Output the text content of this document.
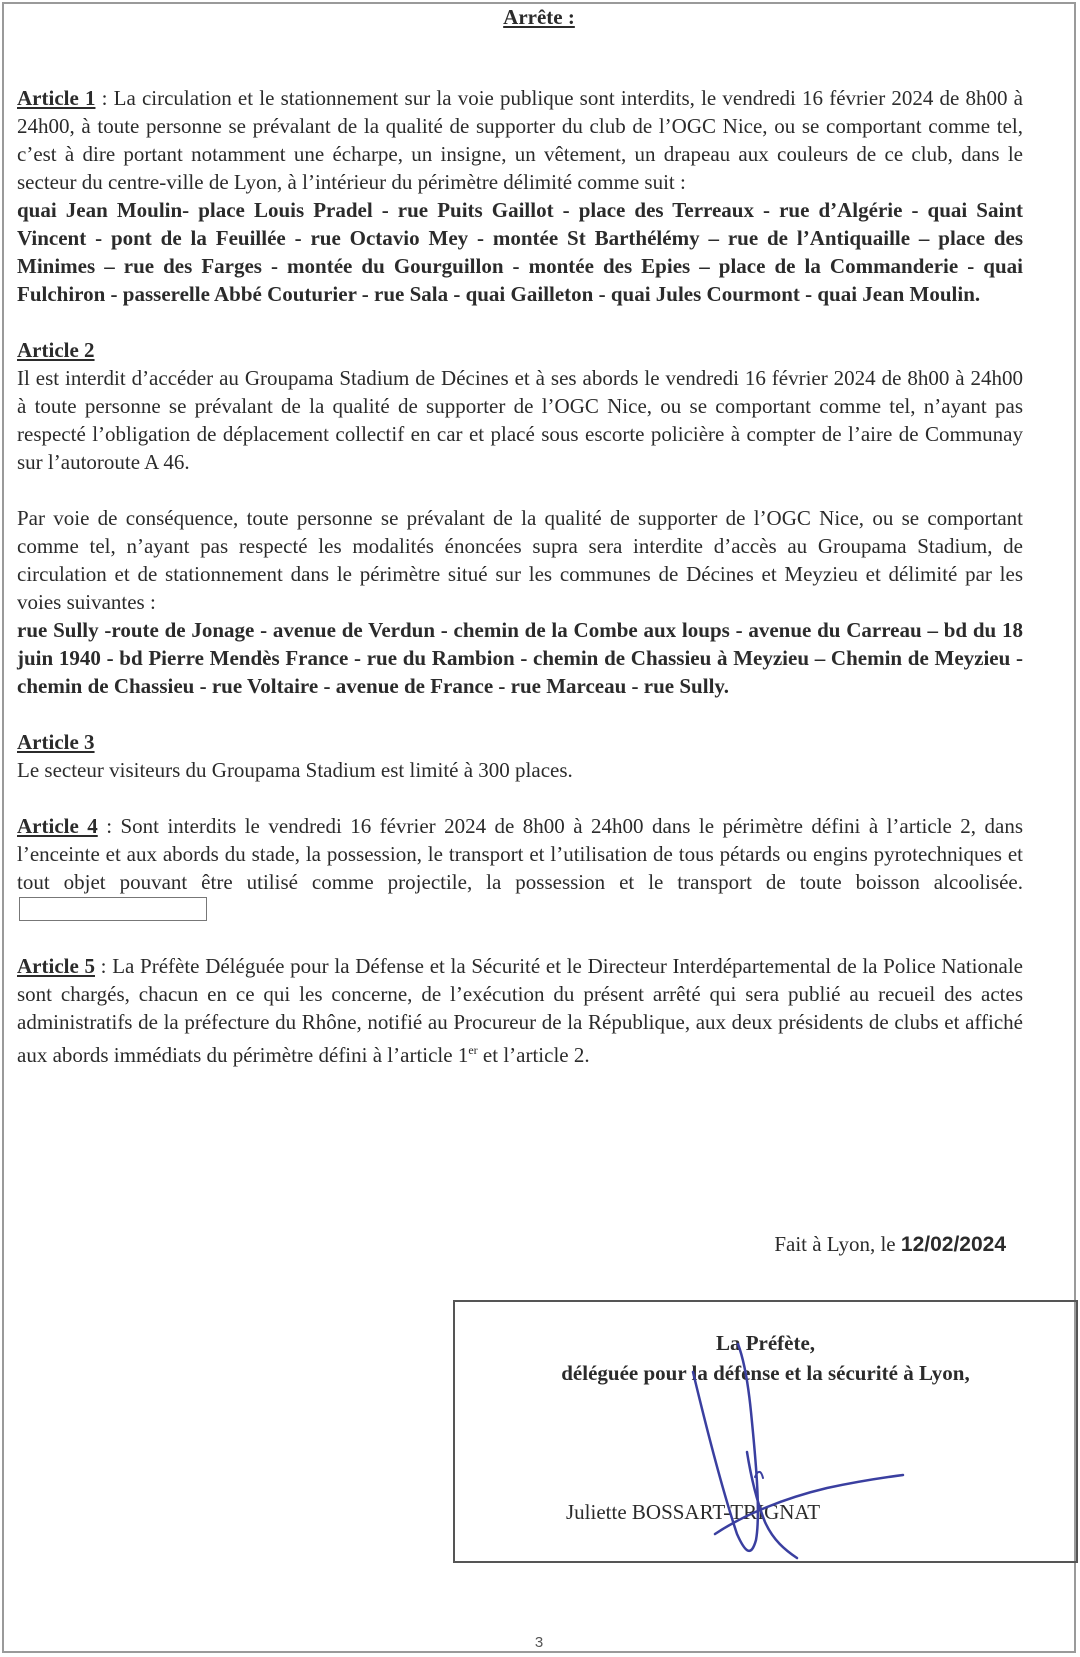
Arrête :

Article 1 : La circulation et le stationnement sur la voie publique sont interdits, le vendredi 16 février 2024 de 8h00 à 24h00, à toute personne se prévalant de la qualité de supporter du club de l’OGC Nice, ou se comportant comme tel, c’est à dire portant notamment une écharpe, un insigne, un vêtement, un drapeau aux couleurs de ce club, dans le secteur du centre-ville de Lyon, à l’intérieur du périmètre délimité comme suit :

quai Jean Moulin- place Louis Pradel - rue Puits Gaillot - place des Terreaux - rue d’Algérie - quai Saint Vincent - pont de la Feuillée - rue Octavio Mey - montée St Barthélémy – rue de l’Antiquaille – place des Minimes – rue des Farges - montée du Gourguillon - montée des Epies – place de la Commanderie - quai Fulchiron - passerelle Abbé Couturier - rue Sala - quai Gailleton - quai Jules Courmont - quai Jean Moulin.

Article 2

Il est interdit d’accéder au Groupama Stadium de Décines et à ses abords le vendredi 16 février 2024 de 8h00 à 24h00 à toute personne se prévalant de la qualité de supporter de l’OGC Nice, ou se comportant comme tel, n’ayant pas respecté l’obligation de déplacement collectif en car et placé sous escorte policière à compter de l’aire de Communay sur l’autoroute A 46.

Par voie de conséquence, toute personne se prévalant de la qualité de supporter de l’OGC Nice, ou se comportant comme tel, n’ayant pas respecté les modalités énoncées supra sera interdite d’accès au Groupama Stadium, de circulation et de stationnement dans le périmètre situé sur les communes de Décines et Meyzieu et délimité par les voies suivantes :

rue Sully -route de Jonage - avenue de Verdun - chemin de la Combe aux loups - avenue du Carreau – bd du 18 juin 1940 - bd Pierre Mendès France - rue du Rambion - chemin de Chassieu à Meyzieu – Chemin de Meyzieu - chemin de Chassieu - rue Voltaire - avenue de France - rue Marceau - rue Sully.

Article 3

Le secteur visiteurs du Groupama Stadium est limité à 300 places.

Article 4 : Sont interdits le vendredi 16 février 2024 de 8h00 à 24h00 dans le périmètre défini à l’article 2, dans l’enceinte et aux abords du stade, la possession, le transport et l’utilisation de tous pétards ou engins pyrotechniques et tout objet pouvant être utilisé comme projectile, la possession et le transport de toute boisson alcoolisée.

Article 5 : La Préfète Déléguée pour la Défense et la Sécurité et le Directeur Interdépartemental de la Police Nationale sont chargés, chacun en ce qui les concerne, de l’exécution du présent arrêté qui sera publié au recueil des actes administratifs de la préfecture du Rhône, notifié au Procureur de la République, aux deux présidents de clubs et affiché aux abords immédiats du périmètre défini à l’article 1er et l’article 2.

Fait à Lyon, le 12/02/2024
La Préfète,
déléguée pour la défense et la sécurité à Lyon,
Juliette BOSSART-TRIGNAT
3
